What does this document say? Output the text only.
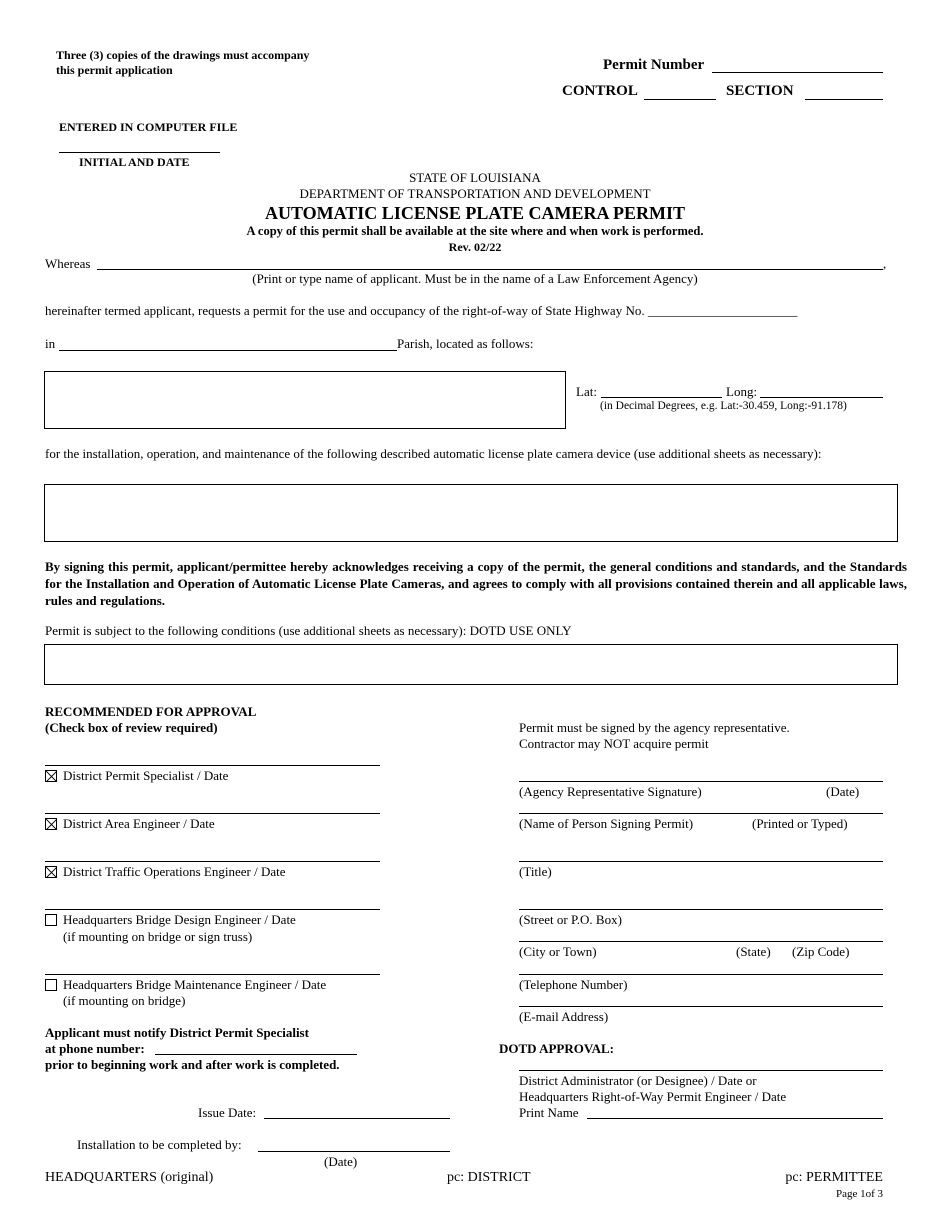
Three (3) copies of the drawings must accompany
this permit application	Permit Number
CONTROL	SECTION
ENTERED IN COMPUTER FILE
INITIAL AND DATE
STATE OF LOUISIANA
DEPARTMENT OF TRANSPORTATION AND DEVELOPMENT
AUTOMATIC LICENSE PLATE CAMERA PERMIT
A copy of this permit shall be available at the site where and when work is performed.
Rev. 02/22
Whereas	,
(Print or type name of applicant. Must be in the name of a Law Enforcement Agency)
hereinafter termed applicant, requests a permit for the use and occupancy of the right-of-way of State Highway No. _______________________
in	Parish, located as follows:
Lat:	Long:
(in Decimal Degrees, e.g. Lat:-30.459, Long:-91.178)
for the installation, operation, and maintenance of the following described automatic license plate camera device (use additional sheets as necessary):
By signing this permit, applicant/permittee hereby acknowledges receiving a copy of the permit, the general conditions and standards, and the Standards for the Installation and Operation of Automatic License Plate Cameras, and agrees to comply with all provisions contained therein and all applicable laws, rules and regulations.
Permit is subject to the following conditions (use additional sheets as necessary): DOTD USE ONLY
RECOMMENDED FOR APPROVAL
(Check box of review required)
District Permit Specialist / Date
District Area Engineer / Date
District Traffic Operations Engineer / Date
Headquarters Bridge Design Engineer / Date
(if mounting on bridge or sign truss)
Headquarters Bridge Maintenance Engineer / Date
(if mounting on bridge)
Applicant must notify District Permit Specialist
at phone number:
prior to beginning work and after work is completed.
Issue Date:
Installation to be completed by:
(Date)
Permit must be signed by the agency representative.
Contractor may NOT acquire permit
(Agency Representative Signature)	(Date)
(Name of Person Signing Permit)	(Printed or Typed)
(Title)
(Street or P.O. Box)
(City or Town)	(State) (Zip Code)
(Telephone Number)
(E-mail Address)
DOTD APPROVAL:
District Administrator (or Designee) / Date or
Headquarters Right-of-Way Permit Engineer / Date
Print Name
HEADQUARTERS (original)	pc: DISTRICT	pc: PERMITTEE
Page 1of 3
